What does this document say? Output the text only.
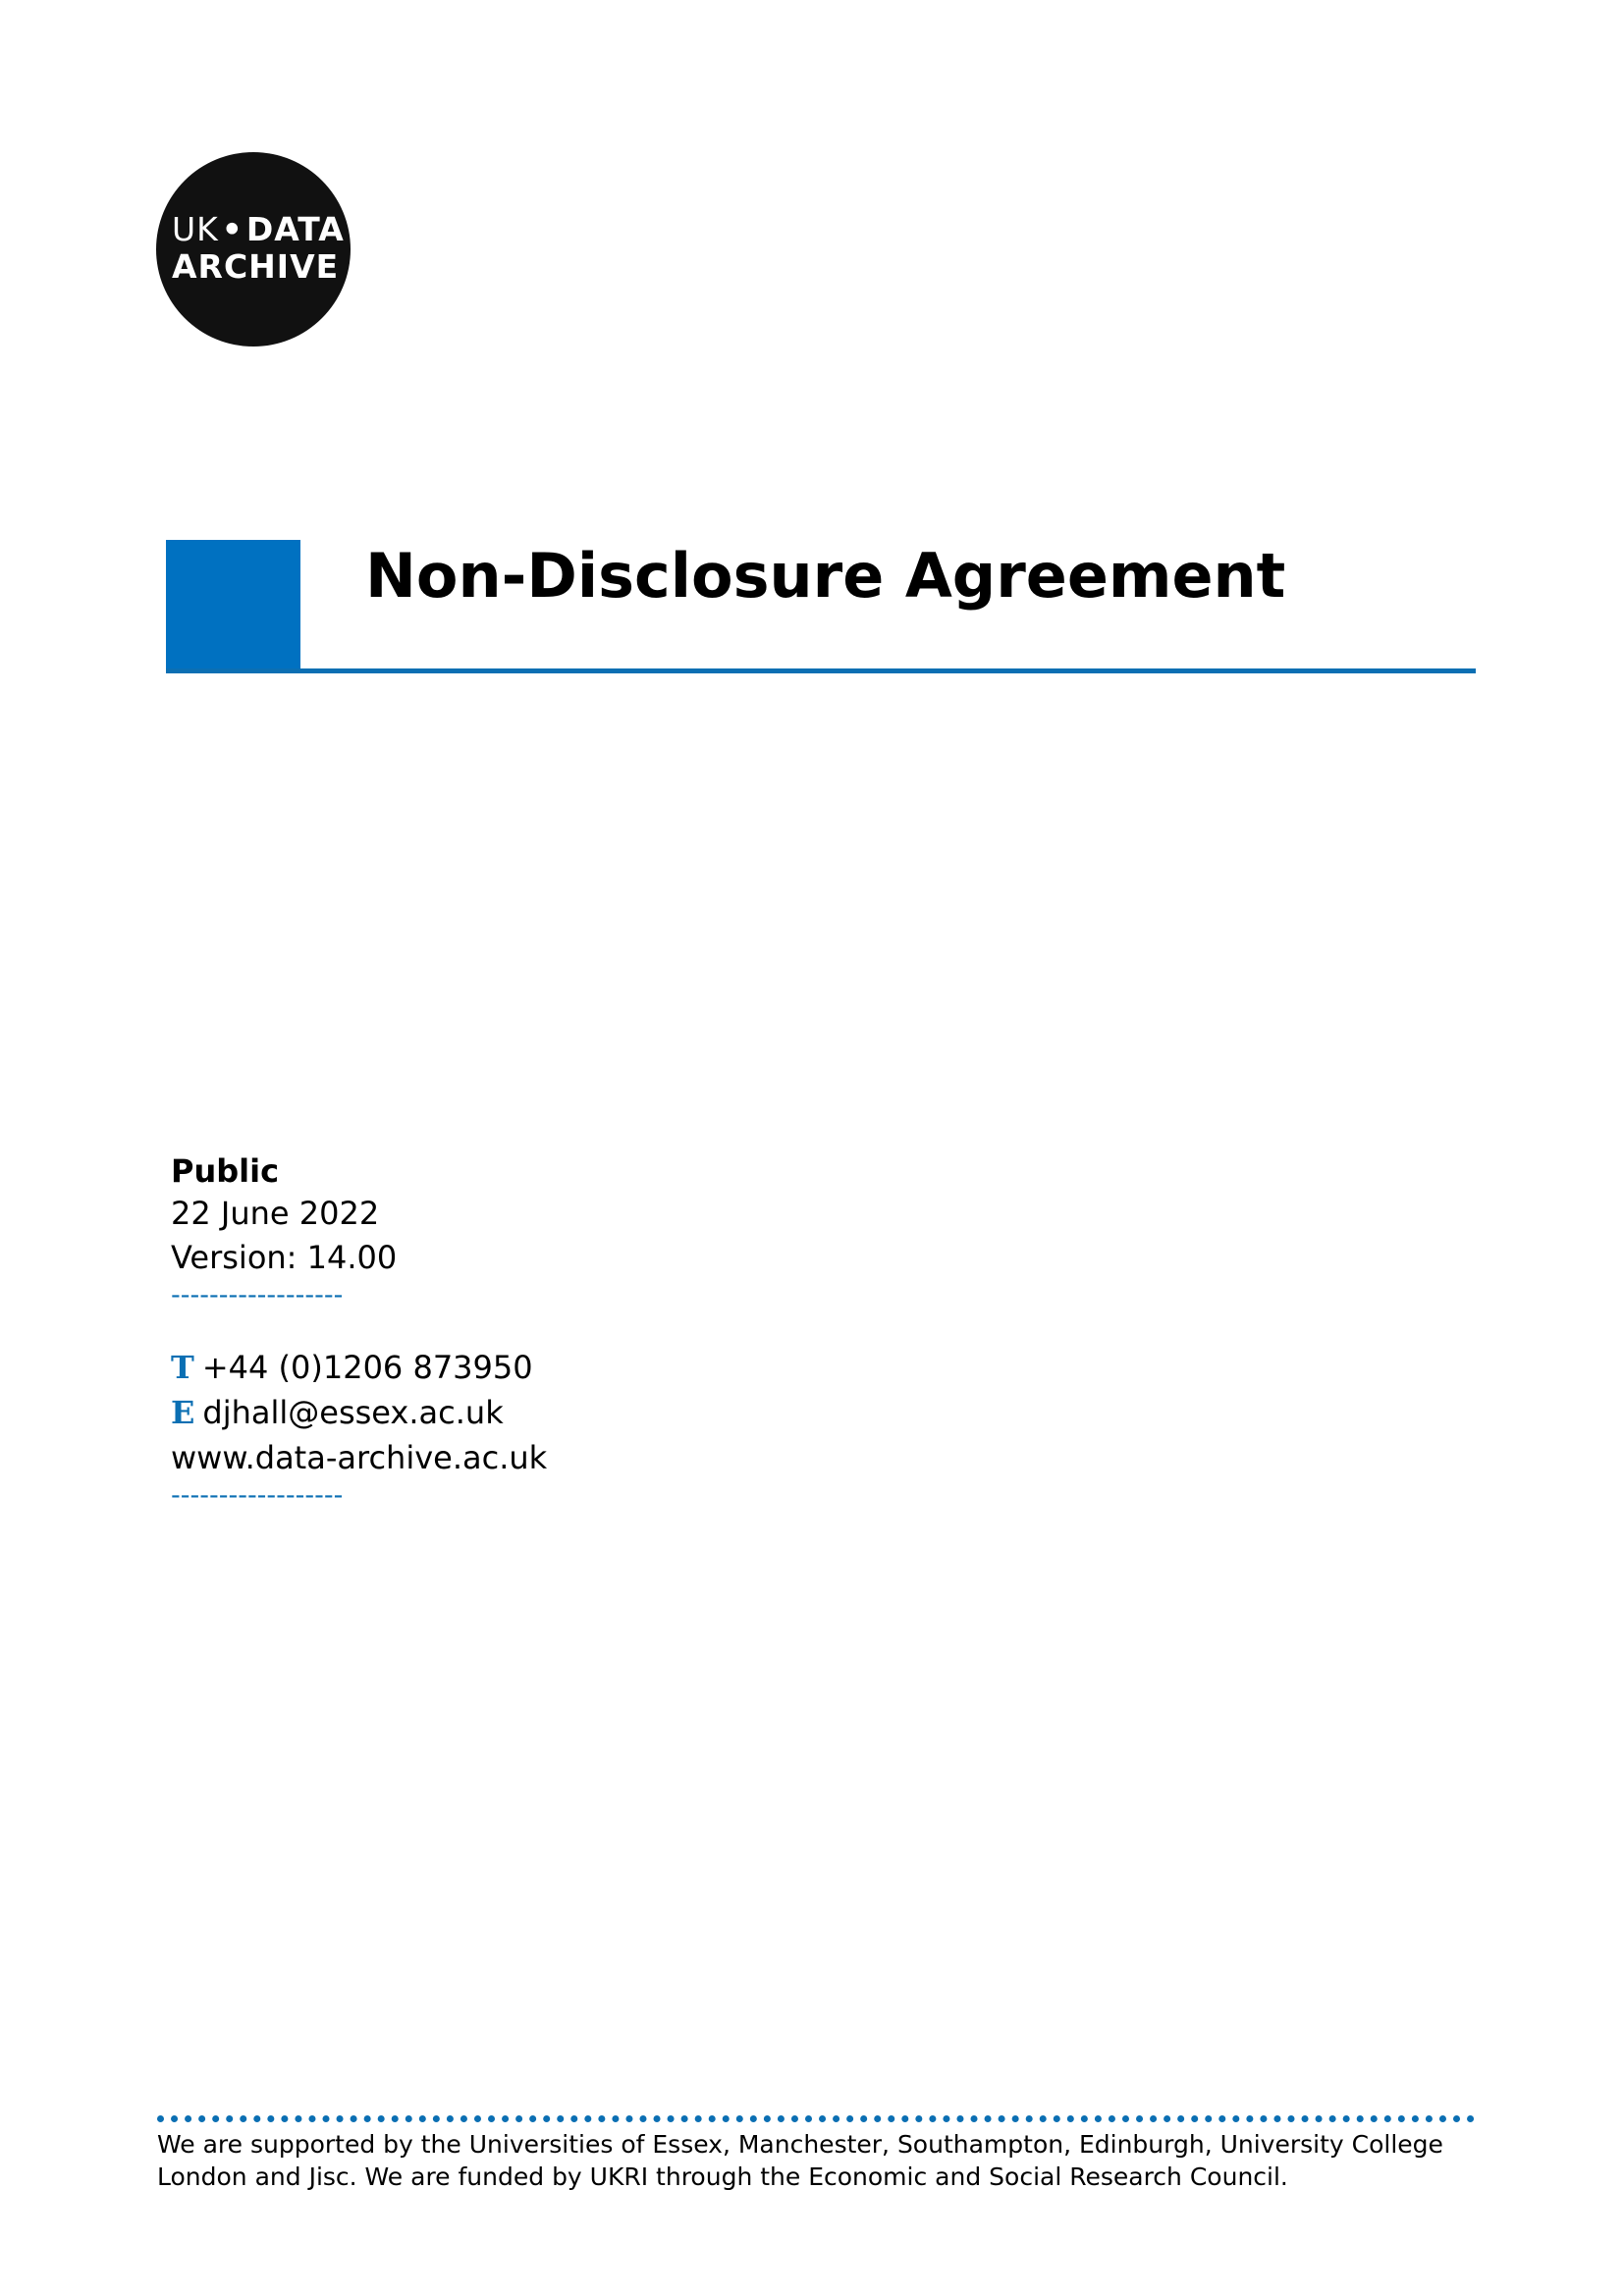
UK•DATA
ARCHIVE
Non-Disclosure Agreement
Public
22 June 2022
Version: 14.00
------------------
T +44 (0)1206 873950
E djhall@essex.ac.uk
www.data-archive.ac.uk
------------------
We are supported by the Universities of Essex, Manchester, Southampton, Edinburgh, University College London and Jisc. We are funded by UKRI through the Economic and Social Research Council.
